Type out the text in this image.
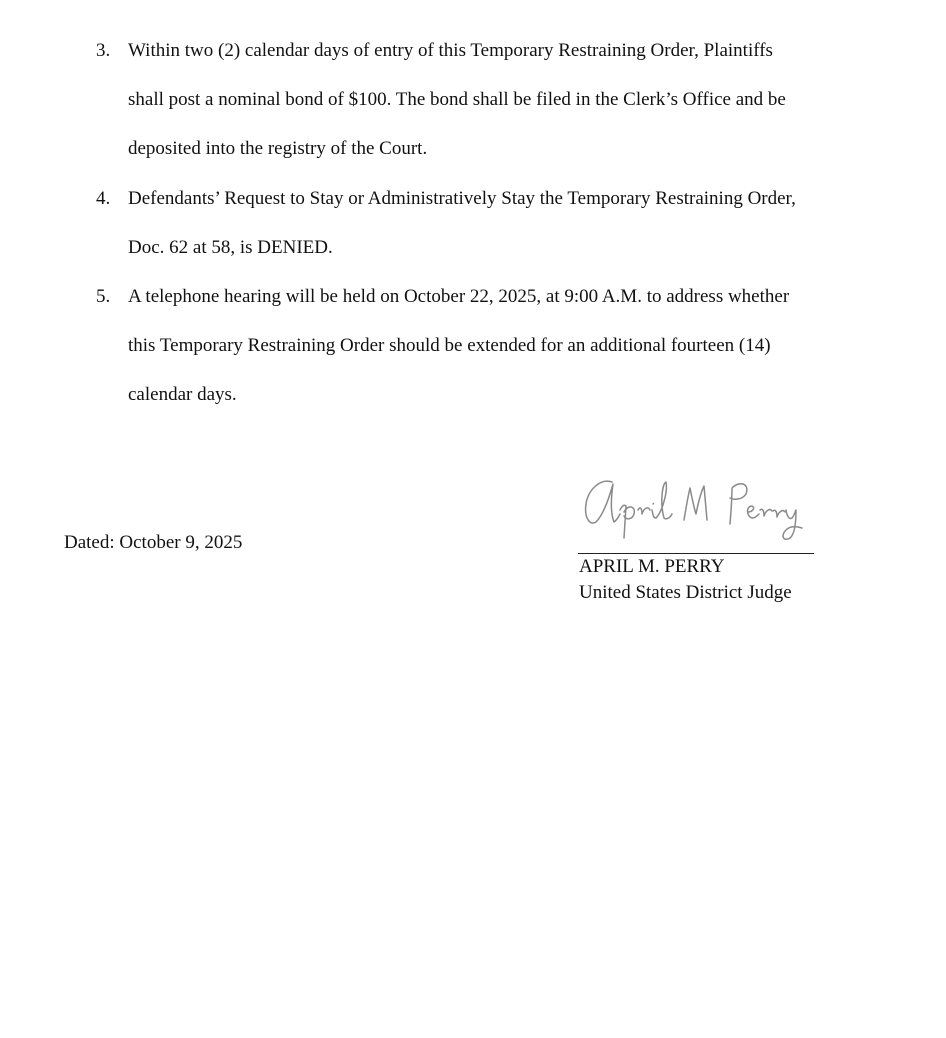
3. Within two (2) calendar days of entry of this Temporary Restraining Order, Plaintiffs
shall post a nominal bond of $100. The bond shall be filed in the Clerk’s Office and be
deposited into the registry of the Court.
4. Defendants’ Request to Stay or Administratively Stay the Temporary Restraining Order,
Doc. 62 at 58, is DENIED.
5. A telephone hearing will be held on October 22, 2025, at 9:00 A.M. to address whether
this Temporary Restraining Order should be extended for an additional fourteen (14)
calendar days.
Dated: October 9, 2025
APRIL M. PERRY
United States District Judge
